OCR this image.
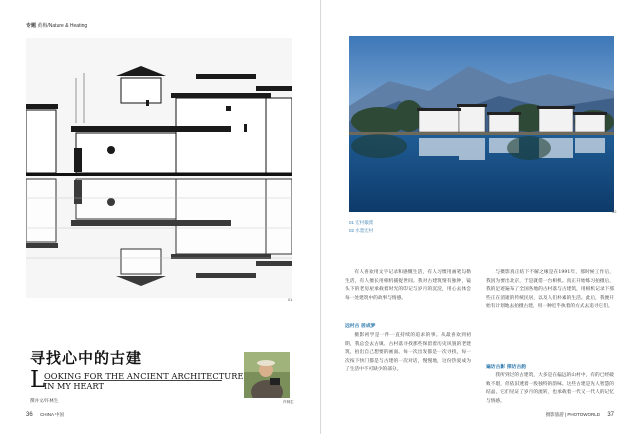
专题 黄梅/Nature & Heating
01
02
01 宏村徽派
02 水墨宏村
寻找心中的古建
L
OOKING FOR THE ANCIENT ARCHITECTURE
IN MY HEART
撰并文/许林生	许林生

有人喜欢用文字记录和感慨生活，有人习惯用画笔勾勒生活，有人擅长用相机捕捉世间。我对古建筑情有独钟，镜头下的老房屋承载着时光的印记与岁月的沉淀，用心去体会每一处建筑中的故事与情感。

远村古 居成梦

摄影初学是一件一直持续的追求的事。从最喜欢到初期，我总会去古镇、古村落寻找那些保留着历史风貌的老建筑，拍出自己想要的画面。每一次出发都是一次寻找，每一次按下快门都是与古建的一次对话，慢慢地，这份热爱成为了生活中不可缺少的部分。

与摄影真正结下不解之缘是在1991年，那时候工作后，我因为要出北京，于是就借一台相机。真正开始练习拍摄后，我的足迹遍布了全国各地的古村落与古建筑，用相机记录下那些正在消逝的传统民居，以及人们朴素的生活。此后，我便开始有计划地去拍摄古建，用一种近乎执着的方式去追寻它们。

遍访古影 探访古韵

我所到过的古建筑，大多是在偏远的山村中，有的已经破败不堪，但依旧透着一股独特的韵味。这些古建是先人智慧的结晶，它们见证了岁月的流转，也承载着一代又一代人的记忆与情感。

36 CHINA 中国	摄影旅游 | PHOTOWORLD 37
